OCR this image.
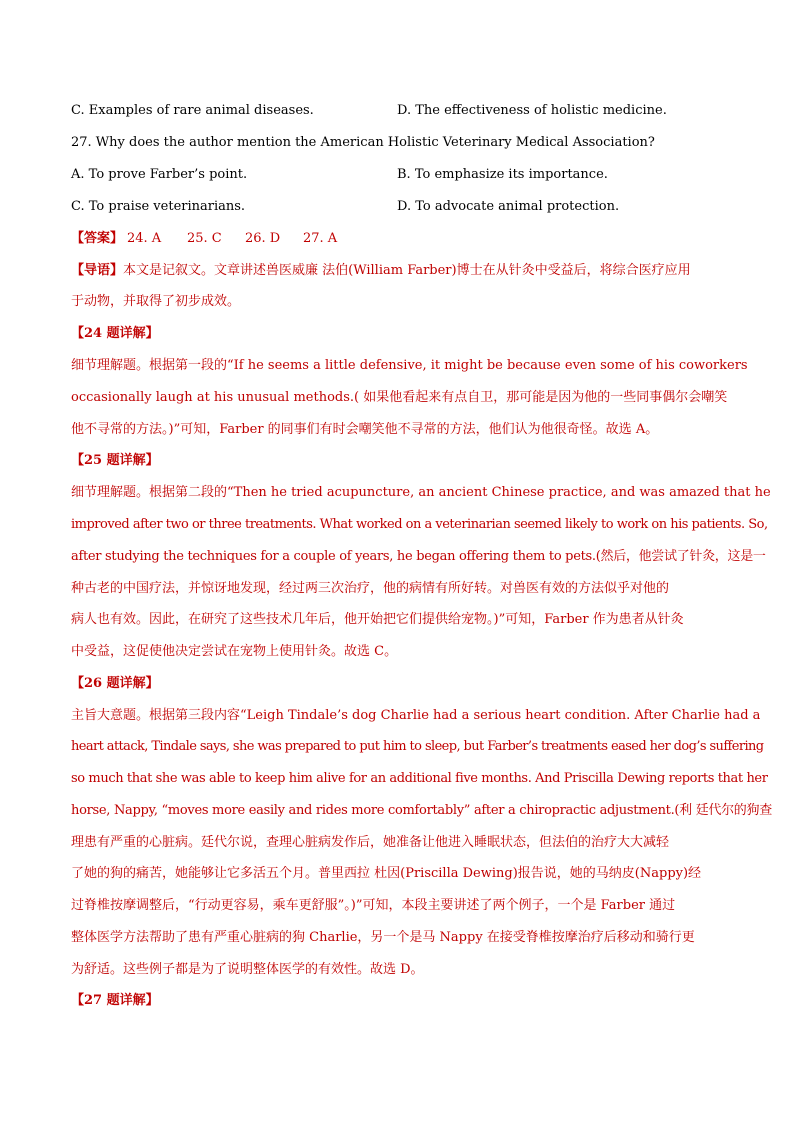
C. Examples of rare animal diseases.	D. The effectiveness of holistic medicine.
27. Why does the author mention the American Holistic Veterinary Medical Association?
A. To prove Farber’s point.	B. To emphasize its importance.
C. To praise veterinarians.	D. To advocate animal protection.
【答案】 24. A 25. C 26. D 27. A
【导语】本文是记叙文。文章讲述兽医威廉 法伯(William Farber)博士在从针灸中受益后，将综合医疗应用
于动物，并取得了初步成效。
【24 题详解】
细节理解题。根据第一段的“If he seems a little defensive, it might be because even some of his coworkers
occasionally laugh at his unusual methods.( 如果他看起来有点自卫，那可能是因为他的一些同事偶尔会嘲笑
他不寻常的方法。)”可知，Farber 的同事们有时会嘲笑他不寻常的方法，他们认为他很奇怪。故选 A。
【25 题详解】
细节理解题。根据第二段的“Then he tried acupuncture, an ancient Chinese practice, and was amazed that he
improved after two or three treatments. What worked on a veterinarian seemed likely to work on his patients. So,
after studying the techniques for a couple of years, he began offering them to pets.(然后，他尝试了针灸，这是一
种古老的中国疗法，并惊讶地发现，经过两三次治疗，他的病情有所好转。对兽医有效的方法似乎对他的
病人也有效。因此，在研究了这些技术几年后，他开始把它们提供给宠物。)”可知，Farber 作为患者从针灸
中受益，这促使他决定尝试在宠物上使用针灸。故选 C。
【26 题详解】
主旨大意题。根据第三段内容“Leigh Tindale’s dog Charlie had a serious heart condition. After Charlie had a
heart attack, Tindale says, she was prepared to put him to sleep, but Farber’s treatments eased her dog’s suffering
so much that she was able to keep him alive for an additional five months. And Priscilla Dewing reports that her
horse, Nappy, “moves more easily and rides more comfortably” after a chiropractic adjustment.(利 廷代尔的狗查
理患有严重的心脏病。廷代尔说，查理心脏病发作后，她准备让他进入睡眠状态，但法伯的治疗大大减轻
了她的狗的痛苦，她能够让它多活五个月。普里西拉 杜因(Priscilla Dewing)报告说，她的马纳皮(Nappy)经
过脊椎按摩调整后，“行动更容易，乘车更舒服”。)”可知，本段主要讲述了两个例子，一个是 Farber 通过
整体医学方法帮助了患有严重心脏病的狗 Charlie，另一个是马 Nappy 在接受脊椎按摩治疗后移动和骑行更
为舒适。这些例子都是为了说明整体医学的有效性。故选 D。
【27 题详解】
